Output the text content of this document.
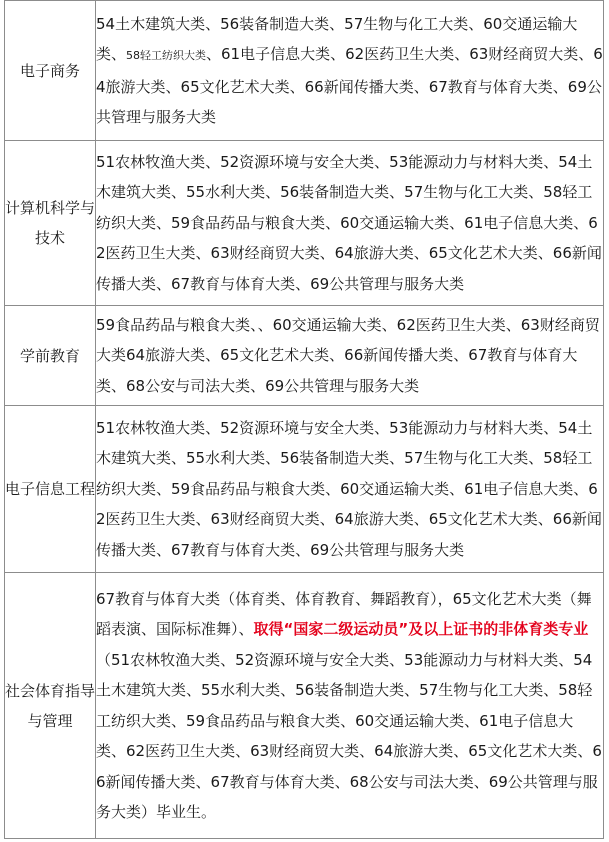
电子商务	54土木建筑大类、56装备制造大类、57生物与化工大类、60交通运输大类、58轻工纺织大类、61电子信息大类、62医药卫生大类、63财经商贸大类、64旅游大类、65文化艺术大类、66新闻传播大类、67教育与体育大类、69公共管理与服务大类
计算机科学与技术	51农林牧渔大类、52资源环境与安全大类、53能源动力与材料大类、54土木建筑大类、55水利大类、56装备制造大类、57生物与化工大类、58轻工纺织大类、59食品药品与粮食大类、60交通运输大类、61电子信息大类、62医药卫生大类、63财经商贸大类、64旅游大类、65文化艺术大类、66新闻传播大类、67教育与体育大类、69公共管理与服务大类
学前教育	59食品药品与粮食大类、、60交通运输大类、62医药卫生大类、63财经商贸大类64旅游大类、65文化艺术大类、66新闻传播大类、67教育与体育大类、68公安与司法大类、69公共管理与服务大类
电子信息工程	51农林牧渔大类、52资源环境与安全大类、53能源动力与材料大类、54土木建筑大类、55水利大类、56装备制造大类、57生物与化工大类、58轻工纺织大类、59食品药品与粮食大类、60交通运输大类、61电子信息大类、62医药卫生大类、63财经商贸大类、64旅游大类、65文化艺术大类、66新闻传播大类、67教育与体育大类、69公共管理与服务大类
社会体育指导与管理	67教育与体育大类（体育类、体育教育、舞蹈教育），65文化艺术大类（舞蹈表演、国际标准舞）、取得“国家二级运动员”及以上证书的非体育类专业（51农林牧渔大类、52资源环境与安全大类、53能源动力与材料大类、54土木建筑大类、55水利大类、56装备制造大类、57生物与化工大类、58轻工纺织大类、59食品药品与粮食大类、60交通运输大类、61电子信息大类、62医药卫生大类、63财经商贸大类、64旅游大类、65文化艺术大类、66新闻传播大类、67教育与体育大类、68公安与司法大类、69公共管理与服务大类）毕业生。
